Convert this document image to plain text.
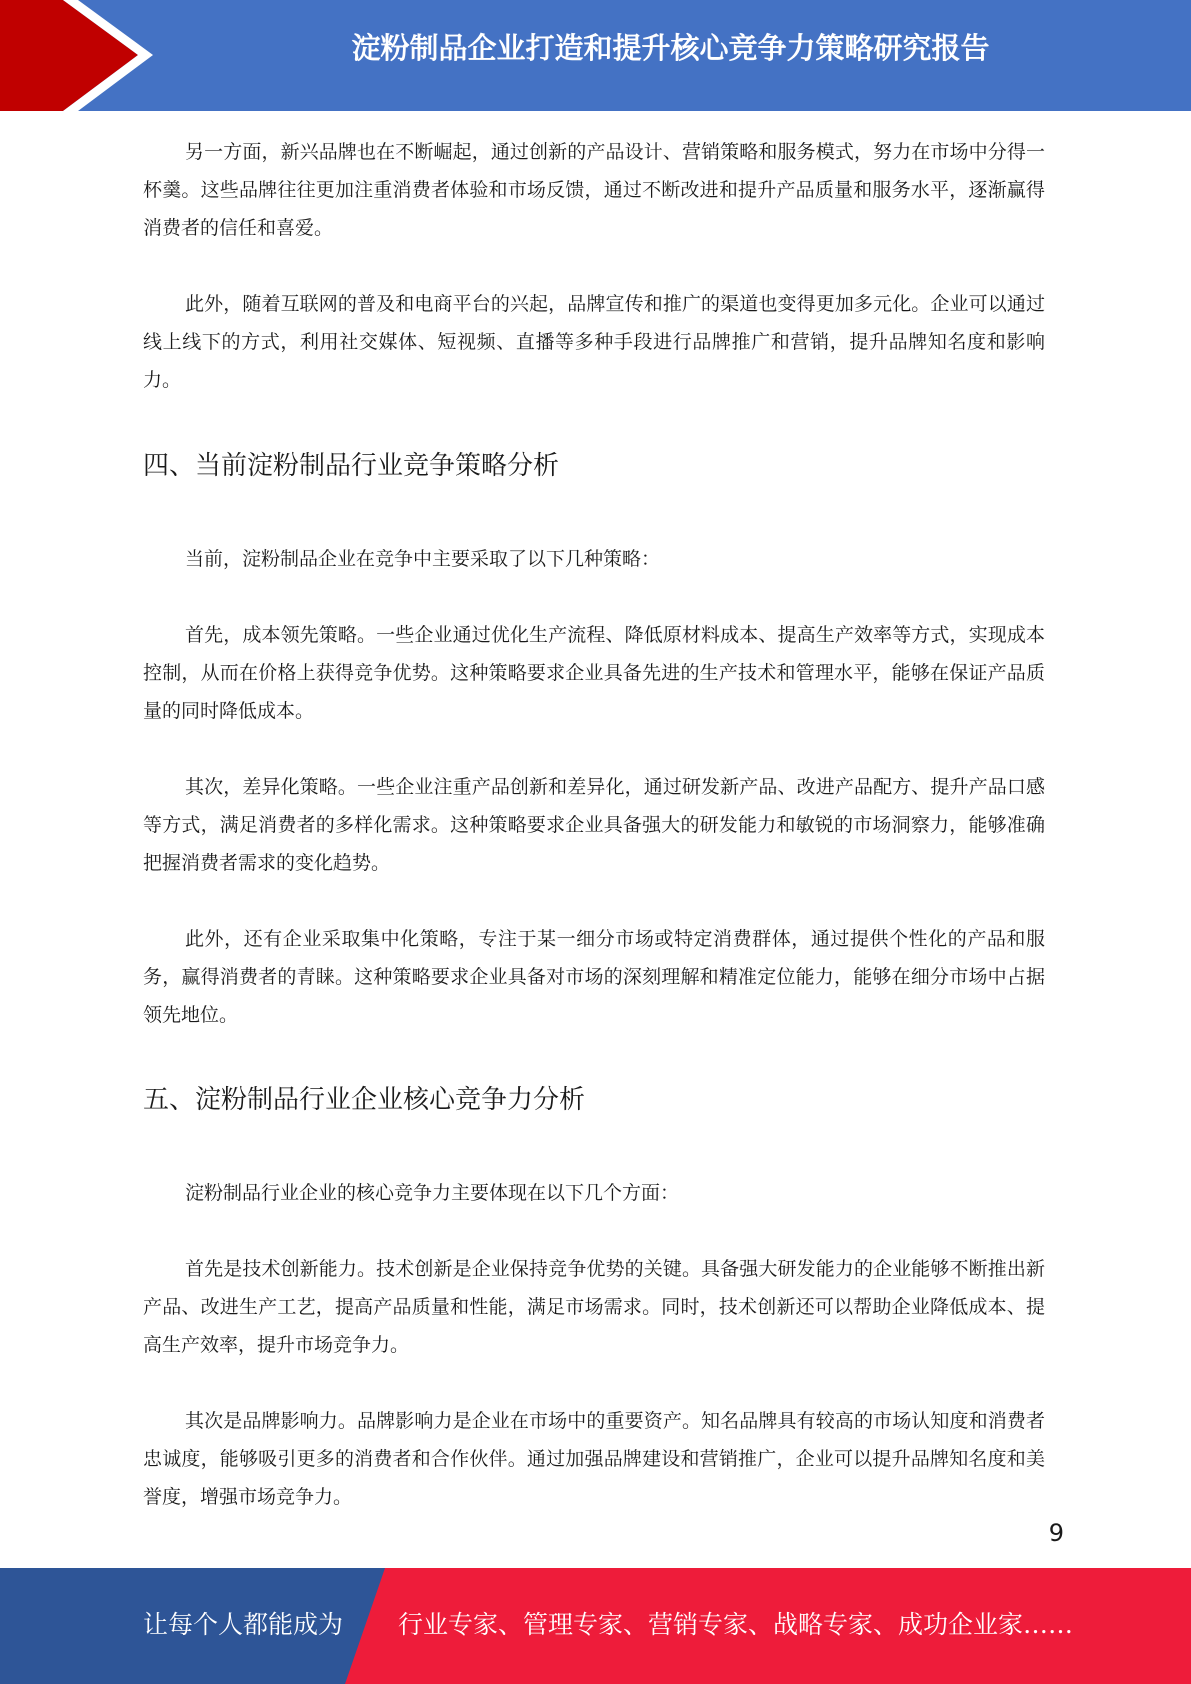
淀粉制品企业打造和提升核心竞争力策略研究报告

另一方面，新兴品牌也在不断崛起，通过创新的产品设计、营销策略和服务模式，努力在市场中分得一杯羹。这些品牌往往更加注重消费者体验和市场反馈，通过不断改进和提升产品质量和服务水平，逐渐赢得消费者的信任和喜爱。

此外，随着互联网的普及和电商平台的兴起，品牌宣传和推广的渠道也变得更加多元化。企业可以通过线上线下的方式，利用社交媒体、短视频、直播等多种手段进行品牌推广和营销，提升品牌知名度和影响力。

四、当前淀粉制品行业竞争策略分析

当前，淀粉制品企业在竞争中主要采取了以下几种策略：

首先，成本领先策略。一些企业通过优化生产流程、降低原材料成本、提高生产效率等方式，实现成本控制，从而在价格上获得竞争优势。这种策略要求企业具备先进的生产技术和管理水平，能够在保证产品质量的同时降低成本。

其次，差异化策略。一些企业注重产品创新和差异化，通过研发新产品、改进产品配方、提升产品口感等方式，满足消费者的多样化需求。这种策略要求企业具备强大的研发能力和敏锐的市场洞察力，能够准确把握消费者需求的变化趋势。

此外，还有企业采取集中化策略，专注于某一细分市场或特定消费群体，通过提供个性化的产品和服务，赢得消费者的青睐。这种策略要求企业具备对市场的深刻理解和精准定位能力，能够在细分市场中占据领先地位。

五、淀粉制品行业企业核心竞争力分析

淀粉制品行业企业的核心竞争力主要体现在以下几个方面：

首先是技术创新能力。技术创新是企业保持竞争优势的关键。具备强大研发能力的企业能够不断推出新产品、改进生产工艺，提高产品质量和性能，满足市场需求。同时，技术创新还可以帮助企业降低成本、提高生产效率，提升市场竞争力。

其次是品牌影响力。品牌影响力是企业在市场中的重要资产。知名品牌具有较高的市场认知度和消费者忠诚度，能够吸引更多的消费者和合作伙伴。通过加强品牌建设和营销推广，企业可以提升品牌知名度和美誉度，增强市场竞争力。

9
让每个人都能成为 行业专家、管理专家、营销专家、战略专家、成功企业家……
